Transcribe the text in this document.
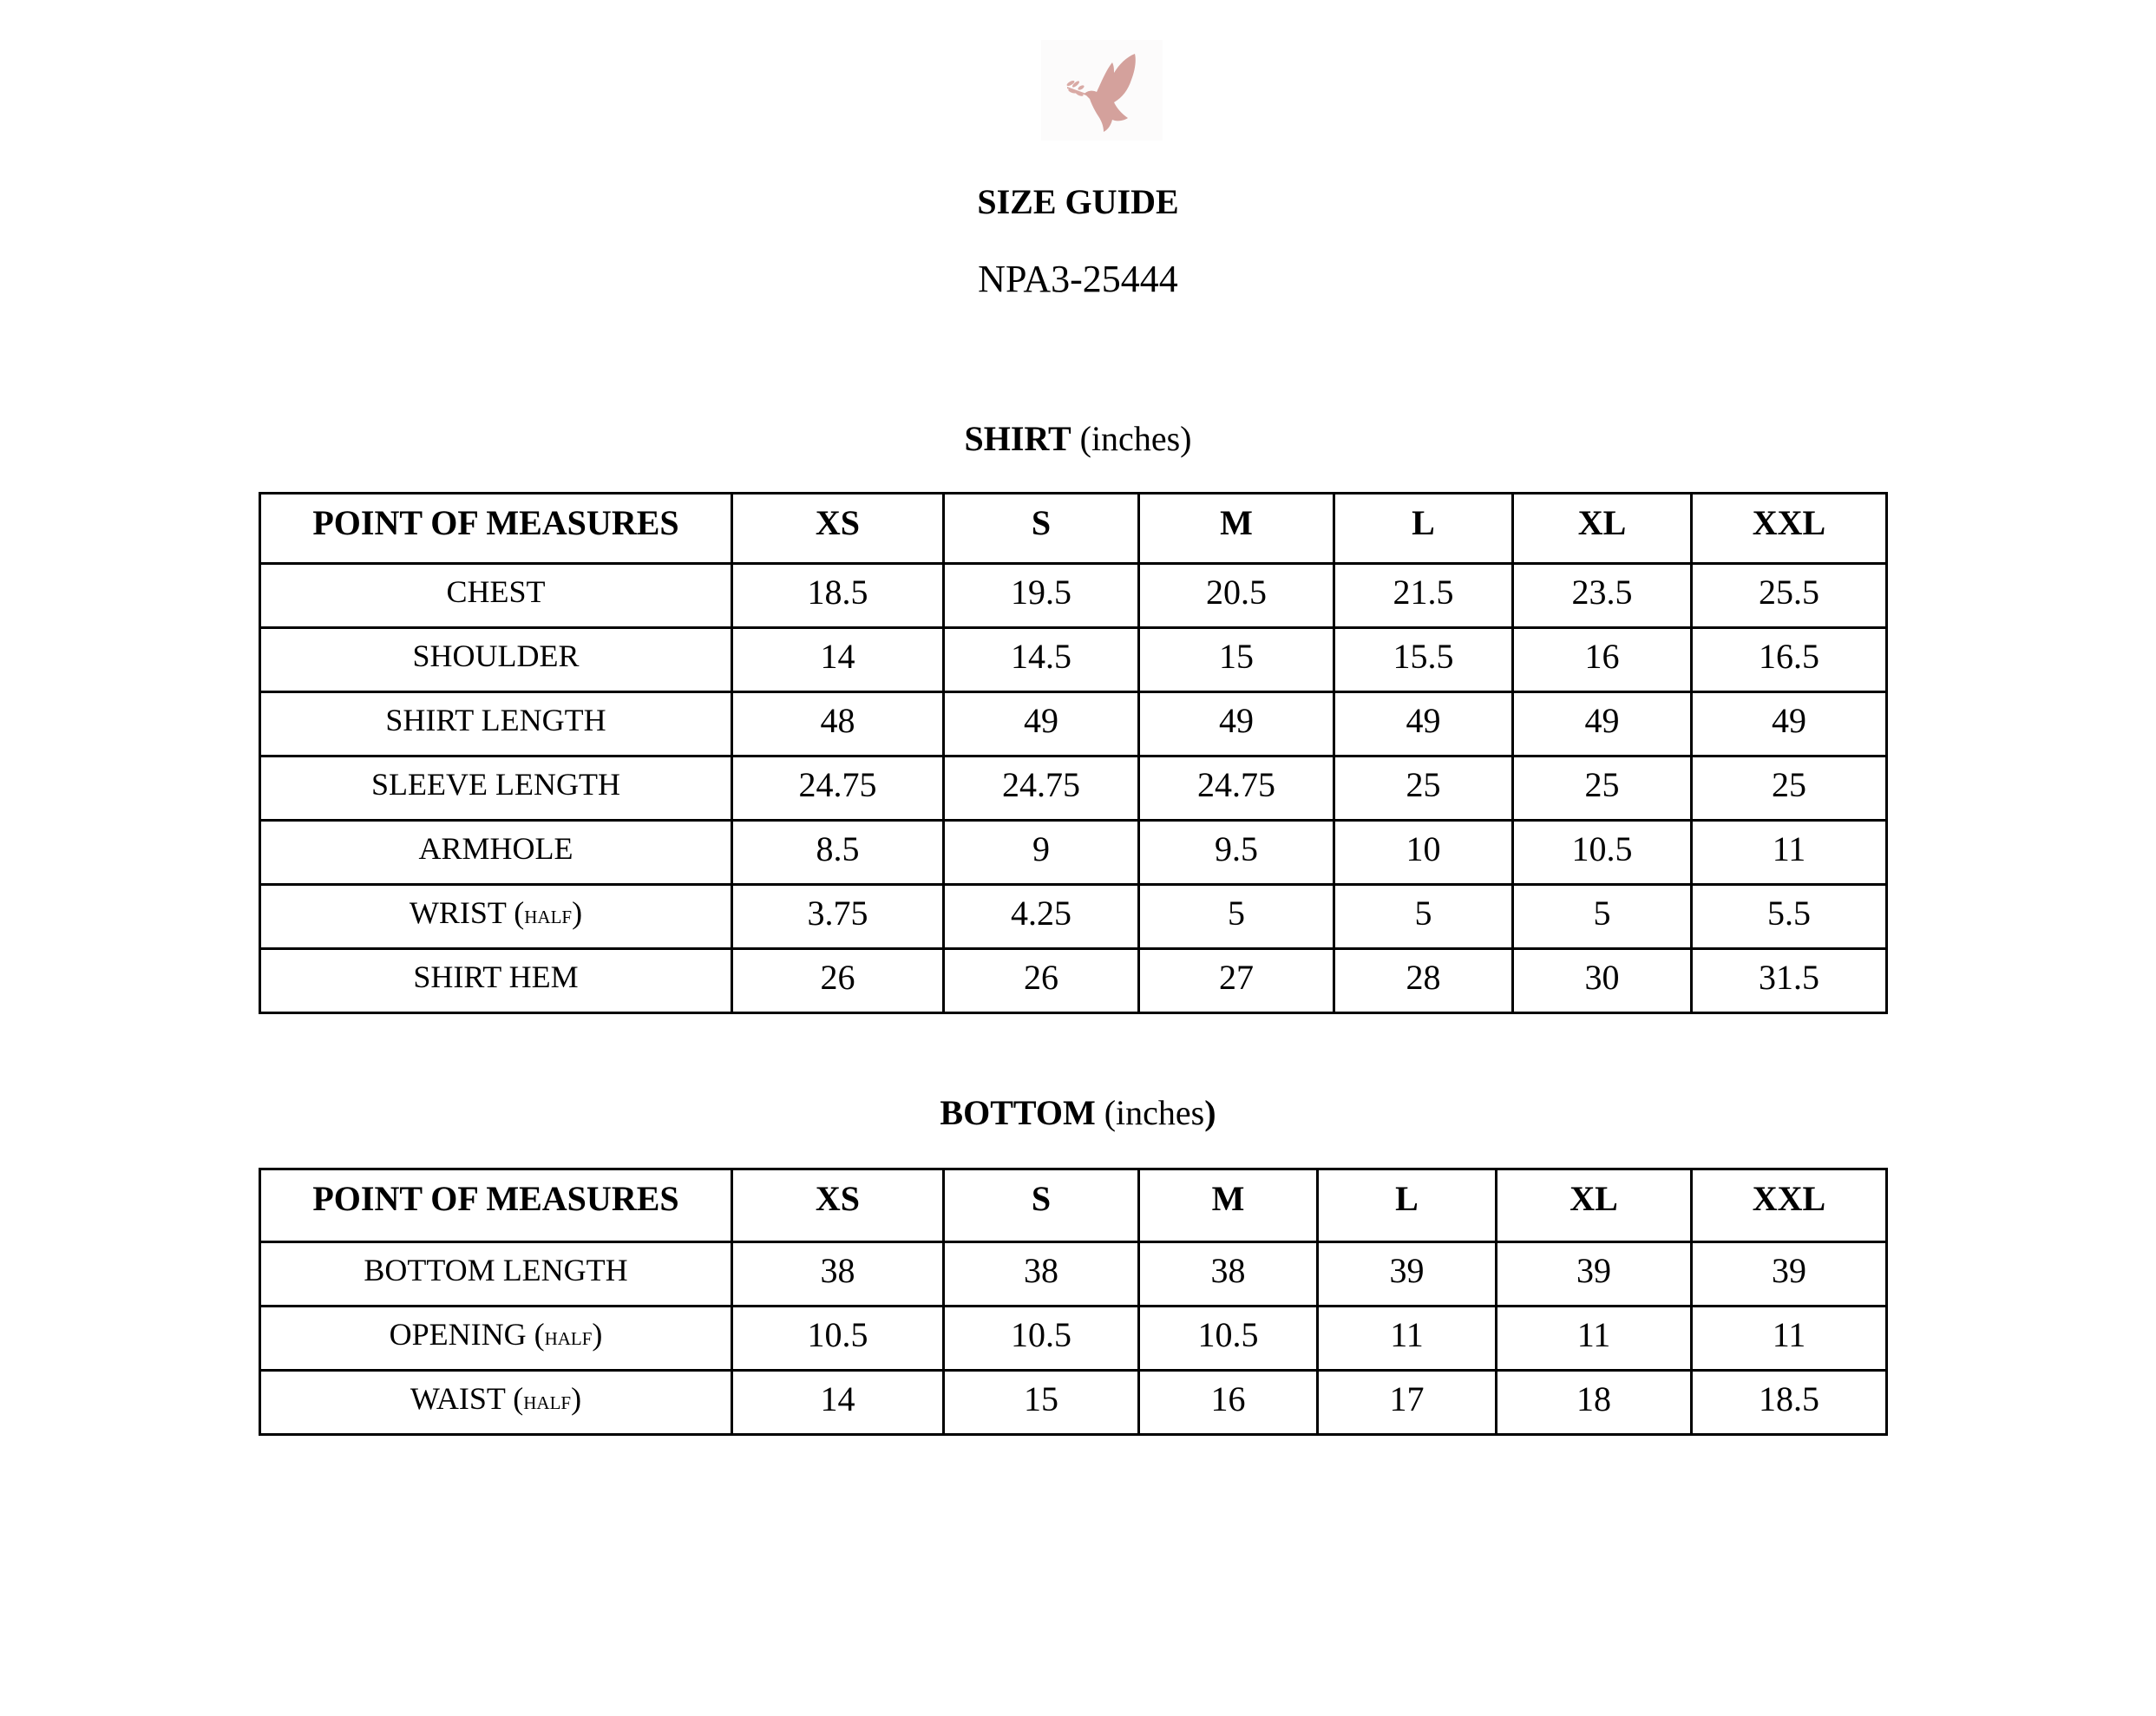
SIZE GUIDE
NPA3-25444
SHIRT (inches)
POINT OF MEASURES	XS	S	M	L	XL	XXL
CHEST	18.5	19.5	20.5	21.5	23.5	25.5
SHOULDER	14	14.5	15	15.5	16	16.5
SHIRT LENGTH	48	49	49	49	49	49
SLEEVE LENGTH	24.75	24.75	24.75	25	25	25
ARMHOLE	8.5	9	9.5	10	10.5	11
WRIST (half)	3.75	4.25	5	5	5	5.5
SHIRT HEM	26	26	27	28	30	31.5
BOTTOM (inches)
POINT OF MEASURES	XS	S	M	L	XL	XXL
BOTTOM LENGTH	38	38	38	39	39	39
OPENING (half)	10.5	10.5	10.5	11	11	11
WAIST (half)	14	15	16	17	18	18.5
